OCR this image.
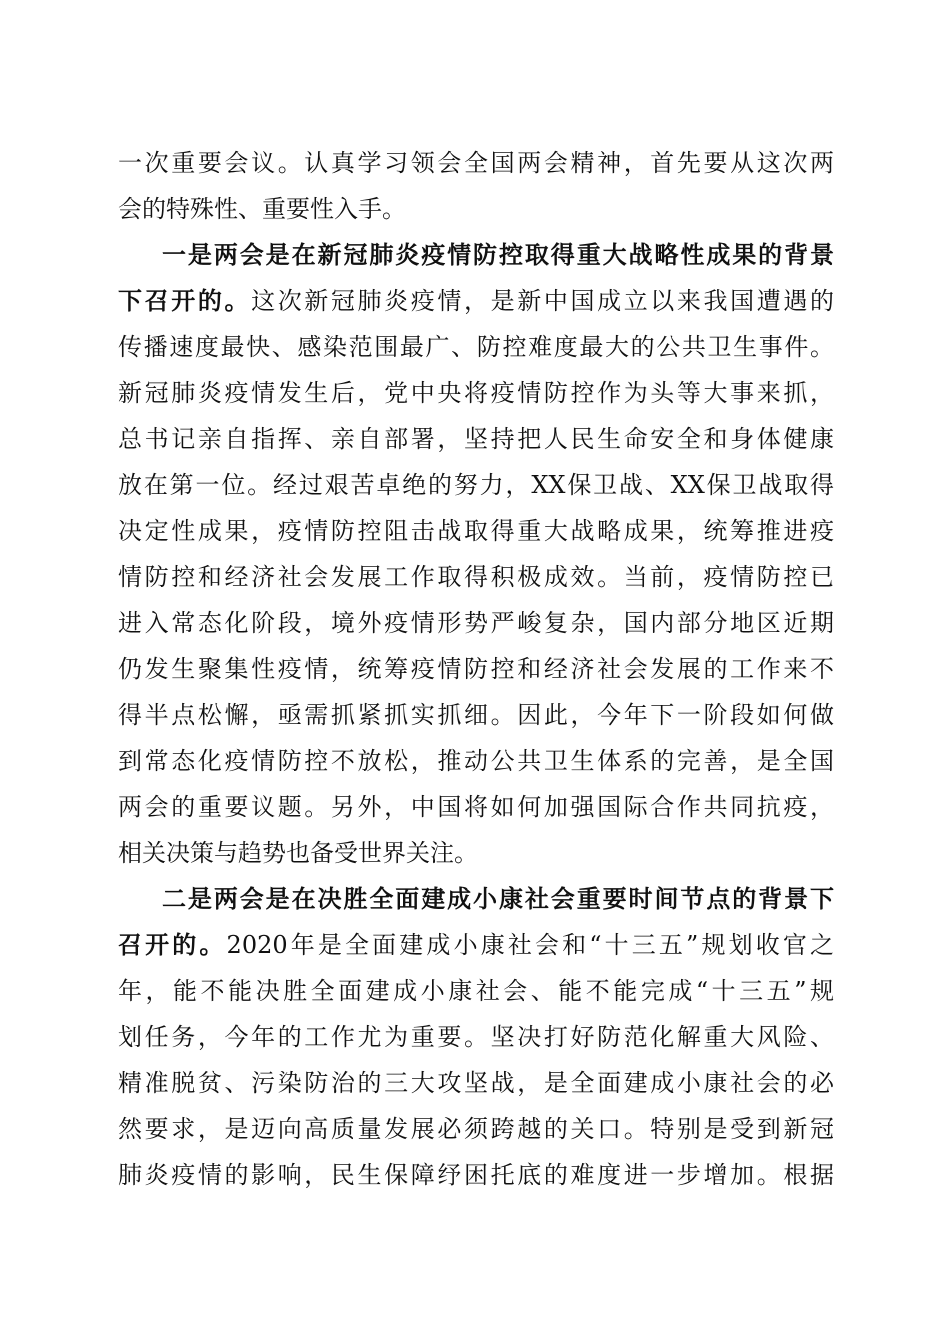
一次重要会议。认真学习领会全国两会精神，首先要从这次两
会的特殊性、重要性入手。
一是两会是在新冠肺炎疫情防控取得重大战略性成果的背景
下召开的。这次新冠肺炎疫情，是新中国成立以来我国遭遇的
传播速度最快、感染范围最广、防控难度最大的公共卫生事件。
新冠肺炎疫情发生后，党中央将疫情防控作为头等大事来抓，
总书记亲自指挥、亲自部署，坚持把人民生命安全和身体健康
放在第一位。经过艰苦卓绝的努力，XX保卫战、XX保卫战取得
决定性成果，疫情防控阻击战取得重大战略成果，统筹推进疫
情防控和经济社会发展工作取得积极成效。当前，疫情防控已
进入常态化阶段，境外疫情形势严峻复杂，国内部分地区近期
仍发生聚集性疫情，统筹疫情防控和经济社会发展的工作来不
得半点松懈，亟需抓紧抓实抓细。因此，今年下一阶段如何做
到常态化疫情防控不放松，推动公共卫生体系的完善，是全国
两会的重要议题。另外，中国将如何加强国际合作共同抗疫，
相关决策与趋势也备受世界关注。
二是两会是在决胜全面建成小康社会重要时间节点的背景下
召开的。2020年是全面建成小康社会和“十三五”规划收官之
年，能不能决胜全面建成小康社会、能不能完成“十三五”规
划任务，今年的工作尤为重要。坚决打好防范化解重大风险、
精准脱贫、污染防治的三大攻坚战，是全面建成小康社会的必
然要求，是迈向高质量发展必须跨越的关口。特别是受到新冠
肺炎疫情的影响，民生保障纾困托底的难度进一步增加。根据
